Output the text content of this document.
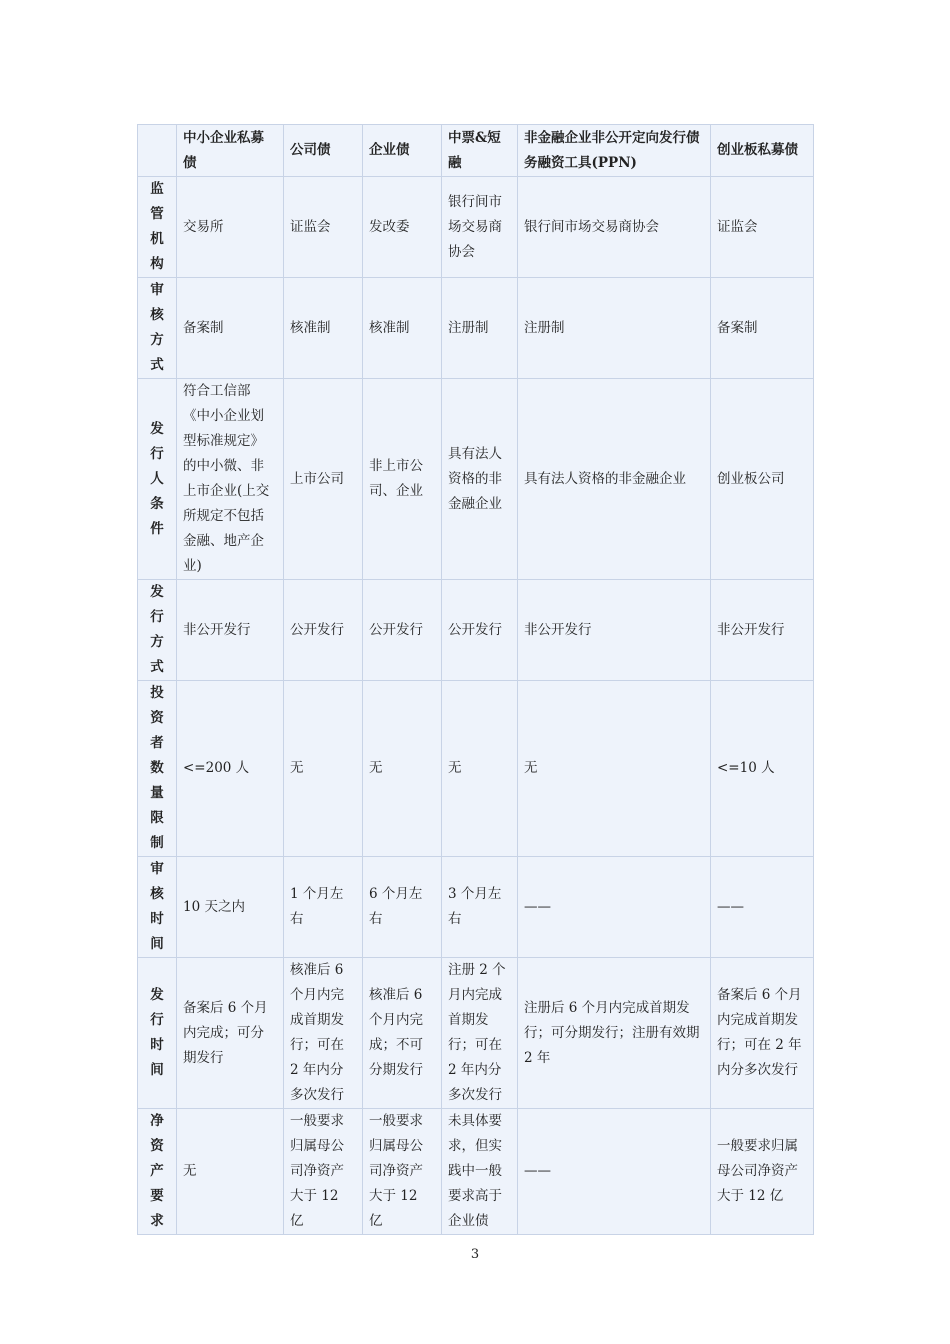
	中小企业私募债	公司债	企业债	中票&短融	非金融企业非公开定向发行债务融资工具(PPN)	创业板私募债

监管机构	交易所	证监会	发改委	银行间市场交易商协会	银行间市场交易商协会	证监会

审核方式	备案制	核准制	核准制	注册制	注册制	备案制

发行人条件	符合工信部《中小企业划型标准规定》的中小微、非上市企业(上交所规定不包括金融、地产企业)	上市公司	非上市公司、企业	具有法人资格的非金融企业	具有法人资格的非金融企业	创业板公司

发行方式	非公开发行	公开发行	公开发行	公开发行	非公开发行	非公开发行

投资者数量限制	<=200 人	无	无	无	无	<=10 人

审核时间	10 天之内	1 个月左右	6 个月左右	3 个月左右	——	——

发行时间	备案后 6 个月内完成；可分期发行	核准后 6 个月内完成首期发行；可在 2 年内分多次发行	核准后 6 个月内完成；不可分期发行	注册 2 个月内完成首期发行；可在 2 年内分多次发行	注册后 6 个月内完成首期发行；可分期发行；注册有效期 2 年	备案后 6 个月内完成首期发行；可在 2 年内分多次发行

净资产要求	无	一般要求归属母公司净资产大于 12 亿	一般要求归属母公司净资产大于 12 亿	未具体要求，但实践中一般要求高于企业债	——	一般要求归属母公司净资产大于 12 亿
3
